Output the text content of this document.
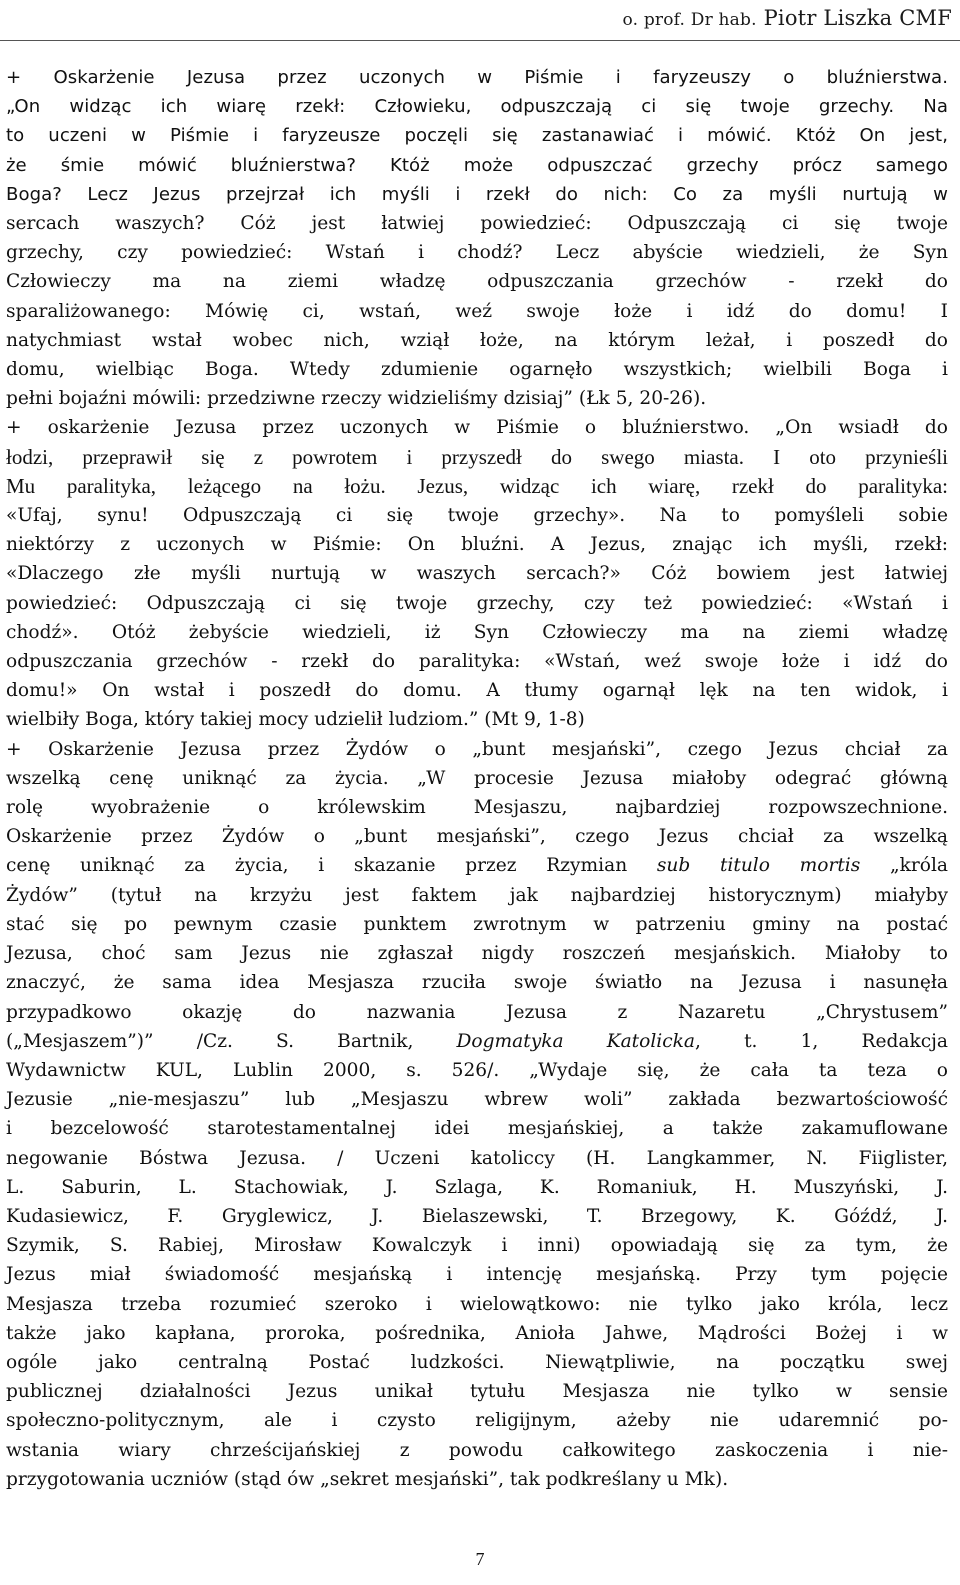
o. prof. Dr hab. Piotr Liszka CMF
+ Oskarżenie Jezusa przez uczonych w Piśmie i faryzeuszy o bluźnierstwa.
„On widząc ich wiarę rzekł: Człowieku, odpuszczają ci się twoje grzechy. Na
to uczeni w Piśmie i faryzeusze poczęli się zastanawiać i mówić. Któż On jest,
że śmie mówić bluźnierstwa? Któż może odpuszczać grzechy prócz samego
Boga? Lecz Jezus przejrzał ich myśli i rzekł do nich: Co za myśli nurtują w
sercach waszych? Cóż jest łatwiej powiedzieć: Odpuszczają ci się twoje
grzechy, czy powiedzieć: Wstań i chodź? Lecz abyście wiedzieli, że Syn
Człowieczy ma na ziemi władzę odpuszczania grzechów - rzekł do
sparaliżowanego: Mówię ci, wstań, weź swoje łoże i idź do domu! I
natychmiast wstał wobec nich, wziął łoże, na którym leżał, i poszedł do
domu, wielbiąc Boga. Wtedy zdumienie ogarnęło wszystkich; wielbili Boga i
pełni bojaźni mówili: przedziwne rzeczy widzieliśmy dzisiaj” (Łk 5, 20-26).
+ oskarżenie Jezusa przez uczonych w Piśmie o bluźnierstwo. „On wsiadł do
łodzi, przeprawił się z powrotem i przyszedł do swego miasta. I oto przynieśli
Mu paralityka, leżącego na łożu. Jezus, widząc ich wiarę, rzekł do paralityka:
«Ufaj, synu! Odpuszczają ci się twoje grzechy». Na to pomyśleli sobie
niektórzy z uczonych w Piśmie: On bluźni. A Jezus, znając ich myśli, rzekł:
«Dlaczego złe myśli nurtują w waszych sercach?» Cóż bowiem jest łatwiej
powiedzieć: Odpuszczają ci się twoje grzechy, czy też powiedzieć: «Wstań i
chodź». Otóż żebyście wiedzieli, iż Syn Człowieczy ma na ziemi władzę
odpuszczania grzechów - rzekł do paralityka: «Wstań, weź swoje łoże i idź do
domu!» On wstał i poszedł do domu. A tłumy ogarnął lęk na ten widok, i
wielbiły Boga, który takiej mocy udzielił ludziom.” (Mt 9, 1-8)
+ Oskarżenie Jezusa przez Żydów o „bunt mesjański”, czego Jezus chciał za
wszelką cenę uniknąć za życia. „W procesie Jezusa miałoby odegrać główną
rolę wyobrażenie o królewskim Mesjaszu, najbardziej rozpowszechnione.
Oskarżenie przez Żydów o „bunt mesjański”, czego Jezus chciał za wszelką
cenę uniknąć za życia, i skazanie przez Rzymian sub titulo mortis „króla
Żydów” (tytuł na krzyżu jest faktem jak najbardziej historycznym) miałyby
stać się po pewnym czasie punktem zwrotnym w patrzeniu gminy na postać
Jezusa, choć sam Jezus nie zgłaszał nigdy roszczeń mesjańskich. Miałoby to
znaczyć, że sama idea Mesjasza rzuciła swoje światło na Jezusa i nasunęła
przypadkowo okazję do nazwania Jezusa z Nazaretu „Chrystusem”
(„Mesjaszem”)” /Cz. S. Bartnik, Dogmatyka Katolicka, t. 1, Redakcja
Wydawnictw KUL, Lublin 2000, s. 526/. „Wydaje się, że cała ta teza o
Jezusie „nie-mesjaszu” lub „Mesjaszu wbrew woli” zakłada bezwartościowość
i bezcelowość starotestamentalnej idei mesjańskiej, a także zakamuflowane
negowanie Bóstwa Jezusa. / Uczeni katoliccy (H. Langkammer, N. Fiiglister,
L. Saburin, L. Stachowiak, J. Szlaga, K. Romaniuk, H. Muszyński, J.
Kudasiewicz, F. Gryglewicz, J. Bielaszewski, T. Brzegowy, K. Góźdź, J.
Szymik, S. Rabiej, Mirosław Kowalczyk i inni) opowiadają się za tym, że
Jezus miał świadomość mesjańską i intencję mesjańską. Przy tym pojęcie
Mesjasza trzeba rozumieć szeroko i wielowątkowo: nie tylko jako króla, lecz
także jako kapłana, proroka, pośrednika, Anioła Jahwe, Mądrości Bożej i w
ogóle jako centralną Postać ludzkości. Niewątpliwie, na początku swej
publicznej działalności Jezus unikał tytułu Mesjasza nie tylko w sensie
społeczno-politycznym, ale i czysto religijnym, ażeby nie udaremnić po-
wstania wiary chrześcijańskiej z powodu całkowitego zaskoczenia i nie-
przygotowania uczniów (stąd ów „sekret mesjański”, tak podkreślany u Mk).
7
